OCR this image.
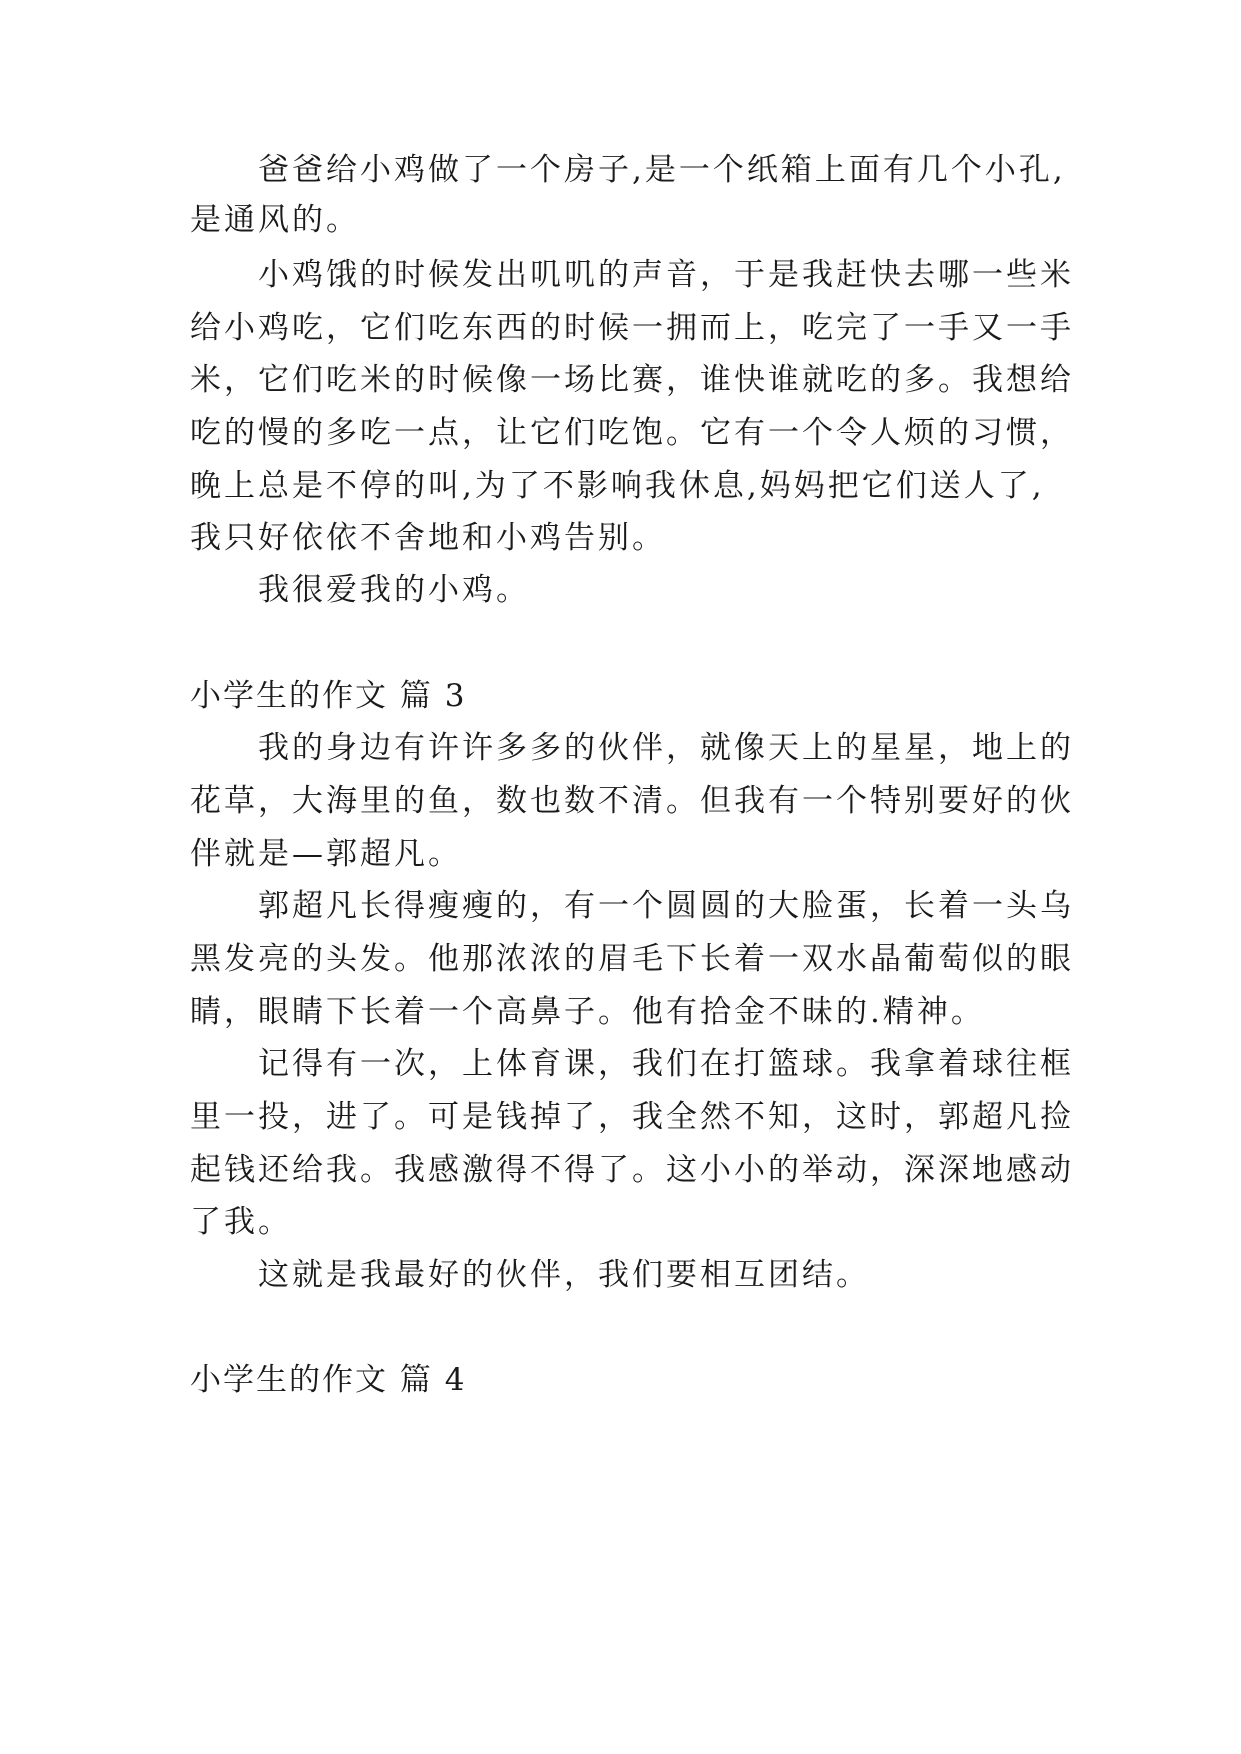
爸爸给小鸡做了一个房子,是一个纸箱上面有几个小孔,
是通风的。
小鸡饿的时候发出叽叽的声音，于是我赶快去哪一些米
给小鸡吃，它们吃东西的时候一拥而上，吃完了一手又一手
米，它们吃米的时候像一场比赛，谁快谁就吃的多。我想给
吃的慢的多吃一点，让它们吃饱。它有一个令人烦的习惯，
晚上总是不停的叫,为了不影响我休息,妈妈把它们送人了,
我只好依依不舍地和小鸡告别。
我很爱我的小鸡。
小学生的作文 篇 3
我的身边有许许多多的伙伴，就像天上的星星，地上的
花草，大海里的鱼，数也数不清。但我有一个特别要好的伙
伴就是—郭超凡。
郭超凡长得瘦瘦的，有一个圆圆的大脸蛋，长着一头乌
黑发亮的头发。他那浓浓的眉毛下长着一双水晶葡萄似的眼
睛，眼睛下长着一个高鼻子。他有拾金不昧的.精神。
记得有一次，上体育课，我们在打篮球。我拿着球往框
里一投，进了。可是钱掉了，我全然不知，这时，郭超凡捡
起钱还给我。我感激得不得了。这小小的举动，深深地感动
了我。
这就是我最好的伙伴，我们要相互团结。
小学生的作文 篇 4
